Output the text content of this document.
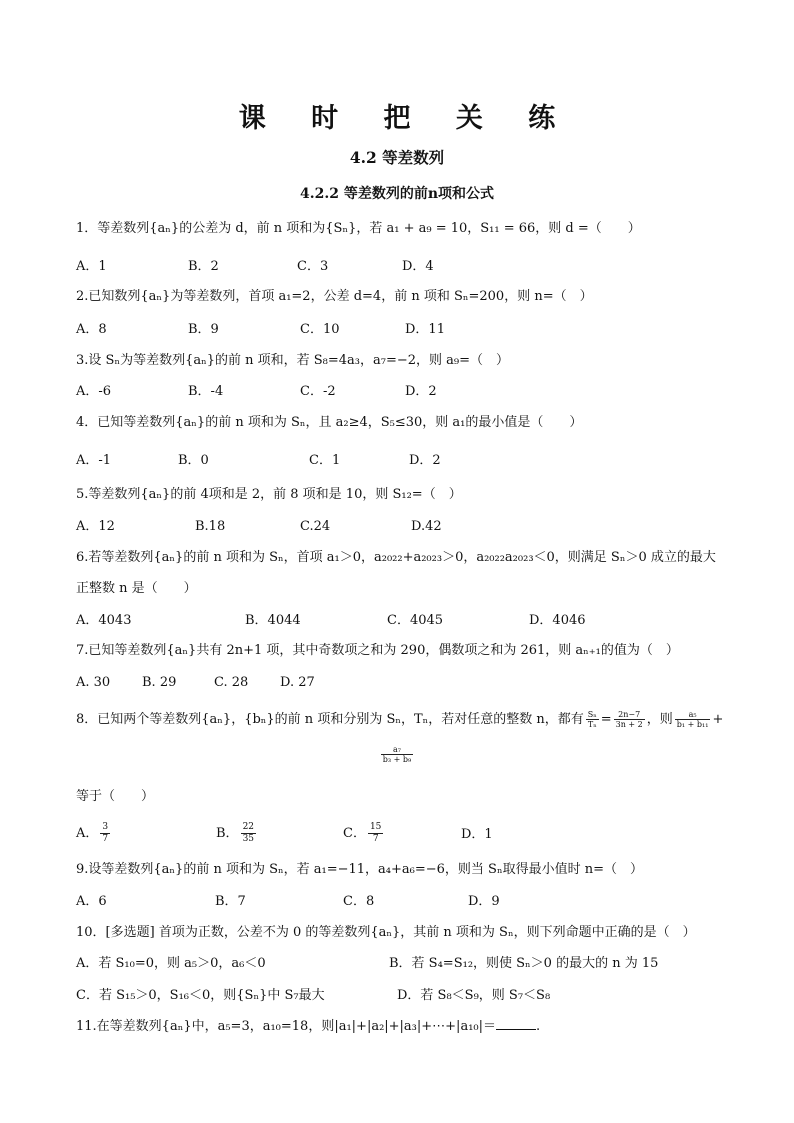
课 时 把 关 练
4.2 等差数列
4.2.2 等差数列的前n项和公式
1．等差数列{aₙ}的公差为 d，前 n 项和为{Sₙ}，若 a₁ + a₉ = 10，S₁₁ = 66，则 d =（　　）
A．1	B．2	C．3	D．4
2.已知数列{aₙ}为等差数列，首项 a₁=2，公差 d=4，前 n 项和 Sₙ=200，则 n=（　）
A．8	B．9	C．10	D．11
3.设 Sₙ为等差数列{aₙ}的前 n 项和，若 S₈=4a₃，a₇=−2，则 a₉=（　）
A．-6	B．-4	C．-2	D．2
4．已知等差数列{aₙ}的前 n 项和为 Sₙ，且 a₂≥4，S₅≤30，则 a₁的最小值是（　　）
A．-1	B．0	C．1	D．2
5.等差数列{aₙ}的前 4项和是 2，前 8 项和是 10，则 S₁₂=（　）
A．12	B.18	C.24	D.42
6.若等差数列{aₙ}的前 n 项和为 Sₙ，首项 a₁＞0，a₂₀₂₂+a₂₀₂₃＞0，a₂₀₂₂a₂₀₂₃＜0，则满足 Sₙ＞0 成立的最大
正整数 n 是（　　）
A．4043	B．4044	C．4045	D．4046
7.已知等差数列{aₙ}共有 2n+1 项，其中奇数项之和为 290，偶数项之和为 261，则 aₙ₊₁的值为（　）
A. 30 B. 29	C. 28 D. 27
8．已知两个等差数列{aₙ}，{bₙ}的前 n 项和分别为 Sₙ，Tₙ，若对任意的整数 n，都有 $\frac{\text{Sₙ}}{\text{Tₙ}} = \frac{2n-7}{3n + 2}$ ，则 $\frac{\text{a₅}}{\text{b₁ + b₁₁}}$ +
$\frac{\text{a₇}}{\text{b₃ + b₉}}$
等于（　　）
A． $\frac{3}{7}$	B． $\frac{22}{35}$	C． $\frac{15}{7}$	D．1
9.设等差数列{aₙ}的前 n 项和为 Sₙ，若 a₁=−11，a₄+a₆=−6，则当 Sₙ取得最小值时 n=（　）
A．6	B．7	C．8	D．9
10．[多选题] 首项为正数，公差不为 0 的等差数列{aₙ}，其前 n 项和为 Sₙ，则下列命题中正确的是（　）
A．若 S₁₀=0，则 a₅＞0，a₆＜0	B．若 S₄=S₁₂，则使 Sₙ＞0 的最大的 n 为 15
C．若 S₁₅＞0，S₁₆＜0，则{Sₙ}中 S₇最大	D．若 S₈＜S₉，则 S₇＜S₈
11.在等差数列{aₙ}中，a₅=3，a₁₀=18，则|a₁|+|a₂|+|a₃|+⋯+|a₁₀|＝	.
